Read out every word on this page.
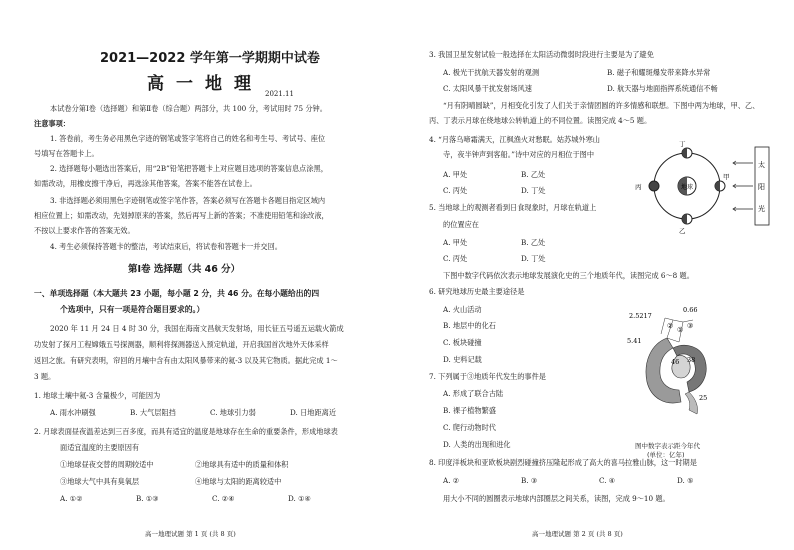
2021—2022 学年第一学期期中试卷
高一地理 2021.11
本试卷分第Ⅰ卷（选择题）和第Ⅱ卷（综合题）两部分，共 100 分，考试用时 75 分钟。
注意事项：
1. 答卷前，考生务必用黑色字迹的钢笔或签字笔将自己的姓名和考生号、考试号、座位
号填写在答题卡上。
2. 选择题每小题选出答案后，用“2B”铅笔把答题卡上对应题目选项的答案信息点涂黑，
如需改动，用橡皮擦干净后，再选涂其他答案，答案不能答在试卷上。
3. 非选择题必须用黑色字迹钢笔或签字笔作答，答案必须写在答题卡各题目指定区域内
相应位置上；如需改动，先划掉原来的答案，然后再写上新的答案；不准使用铅笔和涂改液，
不按以上要求作答的答案无效。
4. 考生必须保持答题卡的整洁，考试结束后，将试卷和答题卡一并交回。
第Ⅰ卷 选择题（共 46 分）
一、单项选择题（本大题共 23 小题，每小题 2 分，共 46 分。在每小题给出的四
个选项中，只有一项是符合题目要求的。）
2020 年 11 月 24 日 4 时 30 分，我国在海南文昌航天发射场，用长征五号遥五运载火箭成
功发射了探月工程嫦娥五号探测器，顺利将探测器送入预定轨道，开启我国首次地外天体采样
返回之旅。有研究表明，帘回的月壤中含有由太阳风暴带来的氦-3 以及其它物质。据此完成 1～
3 题。
1. 地球土壤中氦-3 含量极少，可能因为
A. 雨水冲刷强	B. 大气层阻挡	C. 地球引力弱	D. 日地距离近
2. 月球表面昼夜温差达到三百多度，而具有适宜的温度是地球存在生命的重要条件，形成地球表
面适宜温度的主要原因有
①地球昼夜交替的周期较适中	②地球具有适中的质量和体积
③地球大气中具有臭氧层	④地球与太阳的距离较适中
A. ①②	B. ①③	C. ②④	D. ①④
高一地理试题 第 1 页 (共 8 页)
3. 我国卫星发射试验一般选择在太阳活动微弱时段进行主要是为了避免
A. 极光干扰航天器发射的观测	B. 磁子和耀斑爆发带来降水异常
C. 太阳风暴干扰发射场风速	D. 航天器与地面指挥系统通信不畅
“月有阴晴圆缺”，月相变化引发了人们关于亲情团圆的许多情感和联想。下图中两为地球，甲、乙、
丙、丁表示月球在绕地球公转轨道上的不同位置。读图完成 4～5 题。
4. “月落乌啼霜满天，江枫渔火对愁眠。姑苏城外寒山
寺，夜半钟声到客船。”诗中对应的月相位于图中
A. 甲处	B. 乙处
C. 丙处	D. 丁处
5. 当地球上的观测者看到日食现象时，月球在轨道上
的位置应在
A. 甲处	B. 乙处
C. 丙处	D. 丁处
地球
甲
乙
丙
丁
太
阳
光
下图中数字代码依次表示地球发展演化史的三个地质年代，读图完成 6～8 题。
6. 研究地球历史最主要途径是
A. 火山活动
B. 地层中的化石
C. 板块碰撞
D. 史料记载
7. 下列属于③地质年代发生的事件是
A. 形成了联合古陆
B. 裸子植物繁盛
C. 爬行动物时代
D. 人类的出现和进化
0.66
2.5217
5.41
46 38
25
①
② ③
图中数字表示距今年代
(单位：亿年)
8. 印度洋板块和亚欧板块剧烈碰撞挤压隆起形成了高大的喜马拉雅山脉，这一时期是
A. ②	B. ③	C. ④	D. ⑤
用大小不同的圆圈表示地球内部圈层之间关系，读图，完成 9～10 题。
高一地理试题 第 2 页 (共 8 页)
